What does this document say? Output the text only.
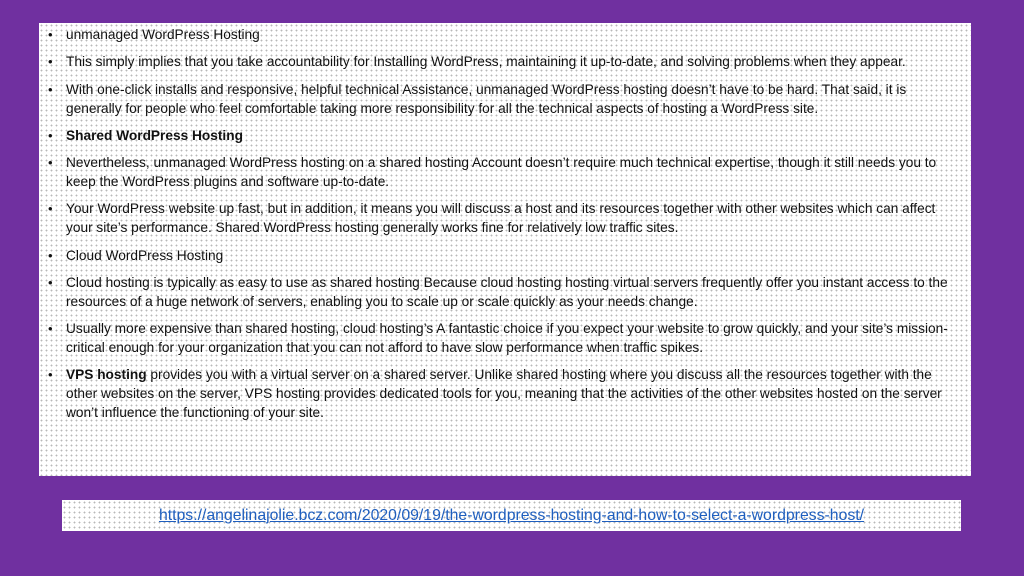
• unmanaged WordPress Hosting
• This simply implies that you take accountability for Installing WordPress, maintaining it up-to-date, and solving problems when they appear.
• With one-click installs and responsive, helpful technical Assistance, unmanaged WordPress hosting doesn’t have to be hard. That said, it is generally for people who feel comfortable taking more responsibility for all the technical aspects of hosting a WordPress site.
• Shared WordPress Hosting
• Nevertheless, unmanaged WordPress hosting on a shared hosting Account doesn’t require much technical expertise, though it still needs you to keep the WordPress plugins and software up-to-date.
• Your WordPress website up fast, but in addition, it means you will discuss a host and its resources together with other websites which can affect your site’s performance. Shared WordPress hosting generally works fine for relatively low traffic sites.
• Cloud WordPress Hosting
• Cloud hosting is typically as easy to use as shared hosting Because cloud hosting hosting virtual servers frequently offer you instant access to the resources of a huge network of servers, enabling you to scale up or scale quickly as your needs change.
• Usually more expensive than shared hosting, cloud hosting’s A fantastic choice if you expect your website to grow quickly, and your site’s mission-critical enough for your organization that you can not afford to have slow performance when traffic spikes.
• VPS hosting provides you with a virtual server on a shared server. Unlike shared hosting where you discuss all the resources together with the other websites on the server, VPS hosting provides dedicated tools for you, meaning that the activities of the other websites hosted on the server won’t influence the functioning of your site.
https://angelinajolie.bcz.com/2020/09/19/the-wordpress-hosting-and-how-to-select-a-wordpress-host/
